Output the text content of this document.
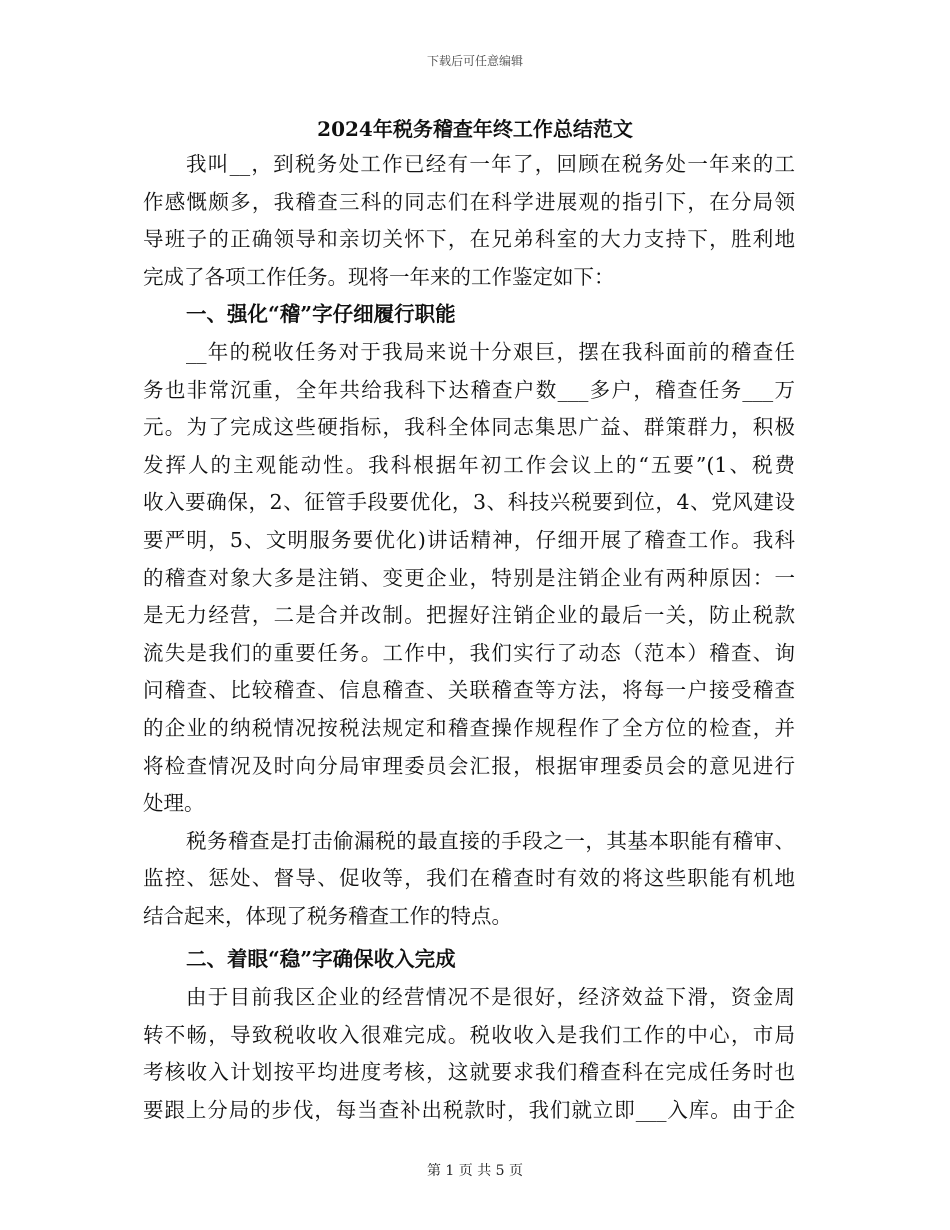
下载后可任意编辑
2024年税务稽查年终工作总结范文
我叫__，到税务处工作已经有一年了，回顾在税务处一年来的工
作感慨颇多，我稽查三科的同志们在科学进展观的指引下，在分局领
导班子的正确领导和亲切关怀下，在兄弟科室的大力支持下，胜利地
完成了各项工作任务。现将一年来的工作鉴定如下：
一、强化“稽”字仔细履行职能
__年的税收任务对于我局来说十分艰巨，摆在我科面前的稽查任
务也非常沉重，全年共给我科下达稽查户数___多户，稽查任务___万
元。为了完成这些硬指标，我科全体同志集思广益、群策群力，积极
发挥人的主观能动性。我科根据年初工作会议上的“五要”(1、税费
收入要确保，2、征管手段要优化，3、科技兴税要到位，4、党风建设
要严明，5、文明服务要优化)讲话精神，仔细开展了稽查工作。我科
的稽查对象大多是注销、变更企业，特别是注销企业有两种原因：一
是无力经营，二是合并改制。把握好注销企业的最后一关，防止税款
流失是我们的重要任务。工作中，我们实行了动态（范本）稽查、询
问稽查、比较稽查、信息稽查、关联稽查等方法，将每一户接受稽查
的企业的纳税情况按税法规定和稽查操作规程作了全方位的检查，并
将检查情况及时向分局审理委员会汇报，根据审理委员会的意见进行
处理。
税务稽查是打击偷漏税的最直接的手段之一，其基本职能有稽审、
监控、惩处、督导、促收等，我们在稽查时有效的将这些职能有机地
结合起来，体现了税务稽查工作的特点。
二、着眼“稳”字确保收入完成
由于目前我区企业的经营情况不是很好，经济效益下滑，资金周
转不畅，导致税收收入很难完成。税收收入是我们工作的中心，市局
考核收入计划按平均进度考核，这就要求我们稽查科在完成任务时也
要跟上分局的步伐，每当查补出税款时，我们就立即___入库。由于企
第 1 页 共 5 页
